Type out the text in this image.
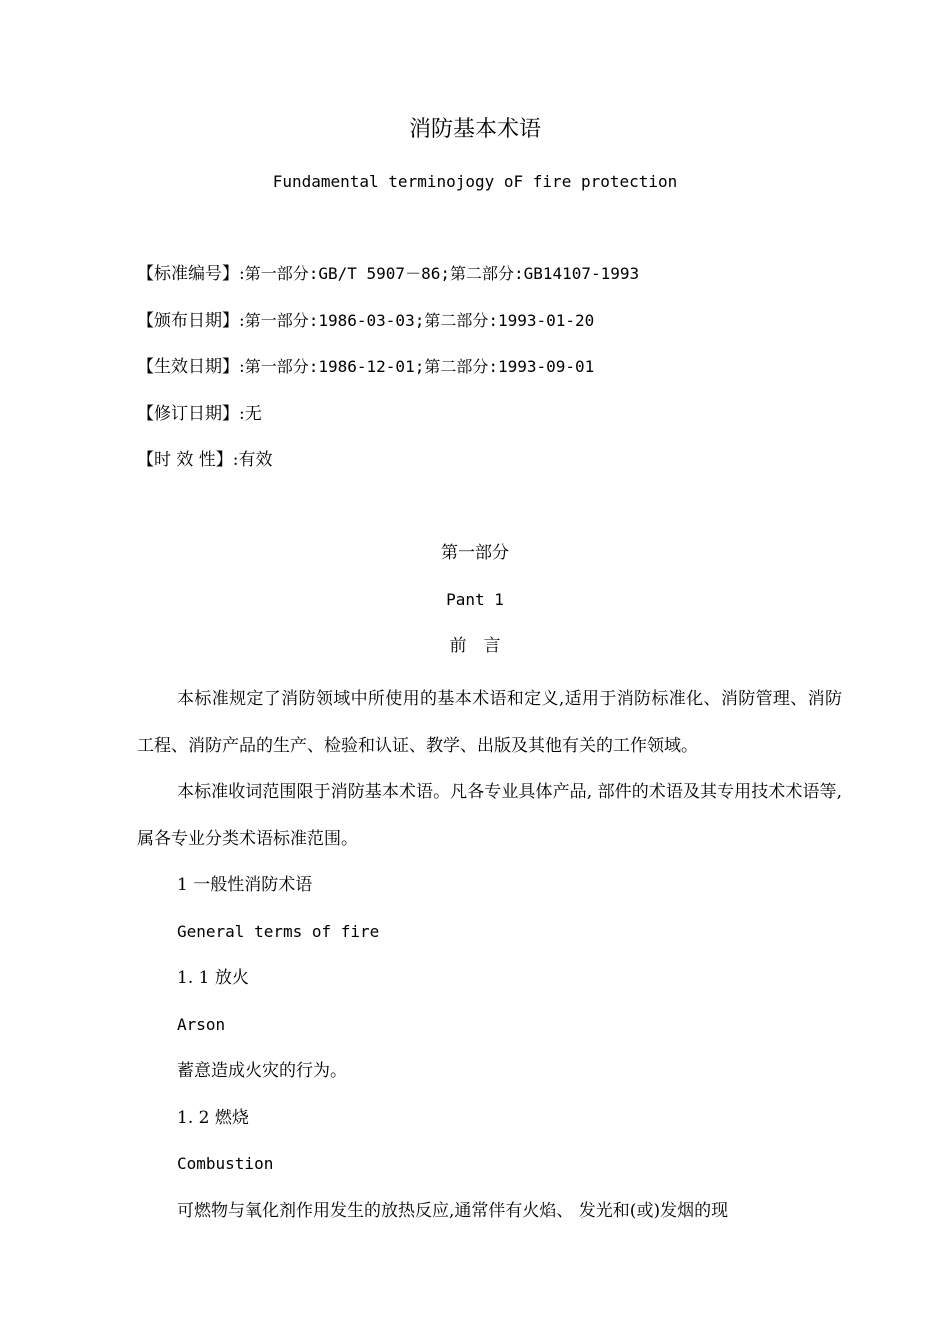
消防基本术语
Fundamental terminojogy oF fire protection
【标准编号】:第一部分:GB/T 5907－86;第二部分:GB14107-1993
【颁布日期】:第一部分:1986-03-03;第二部分:1993-01-20
【生效日期】:第一部分:1986-12-01;第二部分:1993-09-01
【修订日期】:无
【时 效 性】:有效
第一部分
Pant 1
前　言

本标准规定了消防领域中所使用的基本术语和定义,适用于消防标准化、消防管理、消防工程、消防产品的生产、检验和认证、教学、出版及其他有关的工作领域。

本标准收词范围限于消防基本术语。凡各专业具体产品, 部件的术语及其专用技术术语等,属各专业分类术语标准范围。

1 一般性消防术语

General terms of fire

1. 1 放火

Arson

蓄意造成火灾的行为。

1. 2 燃烧

Combustion

可燃物与氧化剂作用发生的放热反应,通常伴有火焰、 发光和(或)发烟的现
